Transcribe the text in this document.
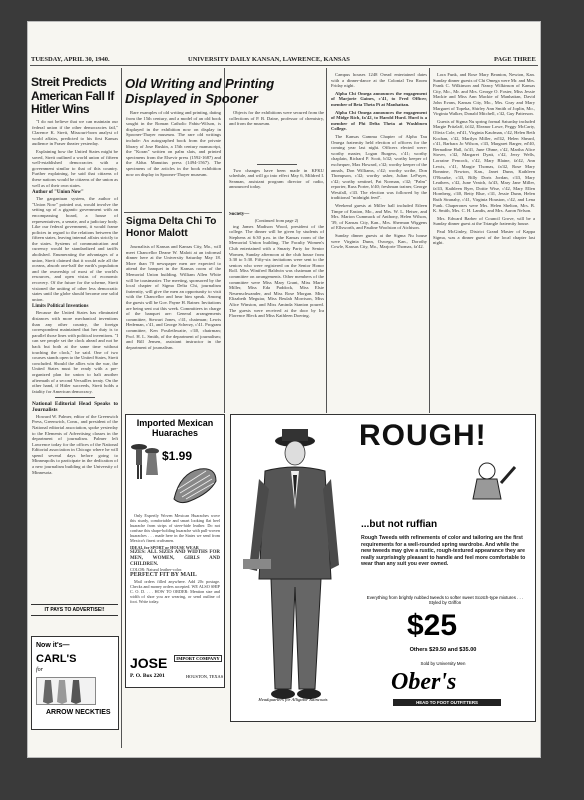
TUESDAY, APRIL 30, 1940.	UNIVERSITY DAILY KANSAN, LAWRENCE, KANSAS	PAGE THREE
Streit Predicts American Fall If Hitler Wins

"I do not believe that we can maintain our federal union if the other democracies fail," Clarence K. Streit, Missouri-born analyst of world affairs, predicted to his first Kansas audience in Fraser theater yesterday.

Explaining how the United States might be saved, Streit outlined a world union of fifteen well-established democracies with a government similar to that of this country. Further explaining, he said that citizens of these nations would be citizens of the union as well as of their own states.

Author of "Union Now"

The gargantuan system, the author of "Union Now" pointed out, would involve the setting up of a gigantic government with an encompassing board, a house of representatives, a senate, and a judiciary body. Like our federal government, it would frame policies in regard to the relations between the fifteen states, leaving internal affairs strictly to the states. Systems of communication and currency would be standardized and tariffs abolished. Enumerating the advantages of a union, Streit claimed that it would rule all the oceans, absorb one-half the earth's population and the ownership of most of the world's resources, and open vistas of economic recovery. Of the future for the scheme, Streit visioned the uniting of other less democratic states until the globe should become one solid union.

Limits Political Inventions

Because the United States has eliminated distances with more mechanical inventions than any other country, the foreign correspondent maintained that her duty is to parallel those lines with political inventions. "I can see people set the clock ahead and not be back but both at the same time without touching the clock," he said. One of two courses stands open to the United States, Streit concluded. Should the allies win the war, the United States must be ready with a pre-organized plan for union to halt another aftermath of a second Versailles treaty. On the other hand, if Hitler succeeds, Streit holds a fatality for American democracy.

National Editorial Head Speaks to Journalists

Howard W. Palmer, editor of the Greenwich Press, Greenwich, Conn., and president of the National editorial association, spoke yesterday to the Elements of Advertising classes in the department of journalism. Palmer left Lawrence today for the offices of the National Editorial association in Chicago where he will spend several days before going to Minneapolis to participate in the dedication of a new journalism building at the University of Minnesota.

IT PAYS TO ADVERTISE!!
Now it's—
CARL'S
for
ARROW NECKTIES
Old Writing and Printing Displayed in Spooner

Rare examples of old writing and printing, dating from the 15th century, and a model of an old book sought in the Roman Catholic Fabiu-Wilson, is displayed in the exhibition now on display in Spooner-Thayer museum. The rare old writings include: An autographed book from the private library of Jose Ruskin, a 15th century manuscript, the "Koran" written on palm slats, and printed specimens from the Elsevir press (1592-1687) and the Aldus Manutius press (1494-1567). The specimens of the articles in the book exhibition now on display in Spooner-Thayer museum.

Objects for the exhibitions were secured from the collections of P. B. Daine, professor of chemistry, and from the museum.

Two changes have been made in KFKU schedule, and will go into effect May 6, Mildred I. Seaman, assistant program director of radio, announced today.

Sigma Delta Chi To Honor Malott

Journalists of Kansas and Kansas City, Mo., will meet Chancellor Deane W. Malott at an informal dinner here at the University Saturday May 18. More than 70 newspaper men are expected to attend the banquet in the Kansas room of the Memorial Union building. William Allen White will be toastmaster. The meeting, sponsored by the local chapter of Sigma Delta Chi, journalism fraternity, will give the men an opportunity to visit with the Chancellor and hear him speak. Among the guests will be Gov. Payne H. Ratner. Invitations are being sent out this week. Committees in charge of the banquet are: General arrangements committee, Stewart Jones, c'41, chairman; Lewis Hedeman, c'41, and George Scherzy, c'41. Program committee, Ken Postlethwaite, c'40, chairman; Prof. H. L. Smith, of the department of journalism; and Bill Jensen, assistant instructor in the department of journalism.

Society—
(Continued from page 2)

ing James Madison Wood, president of the college. The dinner will be given by students of Stephens at 6:30 p.m. in the Kansas room of the Memorial Union building. The Faculty Women's Club entertained with a Smarty Party for Senior Women, Sunday afternoon at the club house from 3:30 to 5:30. Fifty-six invitations were sent to the seniors who were registered on the Senior Honor Roll. Miss Winifred Baldwin was chairman of the committee on arrangements. Other members of the committee were Miss Mary Grant, Miss Marie Miller, Miss Eda Paddock, Miss Elsie Neuenschwander, and Miss Rose Morgan. Miss Elizabeth Meguiar, Miss Beulah Morrison, Miss Alice Winston, and Miss Aminda Stanton poured. The guests were received at the door by Ira Florence Bleck and Miss Kathleen Doering.

Campus houses 1248 Oread entertained dates with a dinner-dance at the Colonial Tea Room Friday night.

Alpha Chi Omega announces the engagement of Marjorie Gaines, c'41, to Fred Officer, member of Beta Theta Pi at Manhattan.

Alpha Chi Omega announces the engagement of Midge Rich, fa'42, to Harold Hurd. Hurd is a member of Phi Delta Theta at Washburn College.

The Kansas Gamma Chapter of Alpha Tau Omega fraternity held election of officers for the coming year last night. Officers elected were: worthy master, Logan Burgess, c'41; worthy chaplain, Richard P. Scott, b'42; worthy keeper of exchequer, Max Howard, c'42; worthy keeper of the annals, Don Williams, c'42; worthy scribe, Don Thompson, c'42; worthy usher, Julian LeFuyer, c'42; worthy sentinel, Pat Norman, c'42; "Palm" reporter, Russ Porter, b'40; freshman trainer, George Westfall, c'43. The election was followed by the traditional "midnight feed".

Weekend guests at Miller hall included Eileen Timpe of Easton, Mo., and Mrs. W. L. Heiser, and Mrs. Marion Cummack of Anthony, Helen Wilson, '39, of Kansas City, Kan., Mrs. Sherman Wiggens of Ellsworth, and Pauline Woolston of Atchison.

Sunday dinner guests at the Sigma Nu house were Virginia Dunn, Oswego, Kan., Dorothy Cowle, Kansas City, Mo., Marjorie Thomas, fa'42.

Lora Funk, and Rose Mary Beanion, Newton, Kan. Sunday dinner guests of Chi Omega were Mr. and Mrs. Frank C. Wilkinson and Nancy Wilkinson of Kansas City, Mo., Mr. and Mrs. George O. Foster, Miss Jessie Mackie and Miss Ann Mackie of Manhattan, David John Evans, Kansas City, Mo., Mrs. Gray and Mary Margaret of Topeka, Shirley Ann Smith of Joplin, Mo., Virginia Walker, Donald Mitchell, c'42, Guy Patterson.

Guests of Sigma Nu spring formal Saturday included Margie Pritzlaff, fa'42, Eleanor Lowe, Peggy McCarty, Olivia Cole, ed'41, Virginia Kaufman, c'42, Helen Beth Kochan, c'42, Marilyn Miller, ed'42, Helen Sheard, c'41, Barbara Jo Wilson, c'43, Margaret Barger, ed'40, Bernadine Hall, fa'41, June Ohme, c'42, Martha Alice Stover, c'42, Margaret Dyatt, c'42, Jerry Wells, Lorraine Fencock, c'42, Mary Blaine, fa'42, Ann Lewis, c'41, Margie Thomas, fa'42, Rose Mary Bonnine, Newton, Kan., Janet Dunn, Kathleen O'Rourke, c'43, Billy Doris Jordan, c'43, Mary Leathers, c'42, June Veatch, fa'43, Mary Jane Miller, fa'43, Kathleen Byer, Dottie Wise, c'42, Mary Ellen Hornberg, c'40, Betty Blue, c'41, Jessie Dunn, Helen Ruth Stranahy, c'41, Virginia Houston, c'42, and Lena Funk. Chaperones were Mrs. Helen Shelton, Mrs. B. K. Smith, Mrs. C. H. Landis, and Mrs. Aaron Nelson.

Mrs. Edward Barber of Council Grove, will be a Sunday dinner guest at the Triangle fraternity house.

Paul McGinley, District Grand Master of Kappa Sigma, was a dinner guest of the local chapter last night.

Imported Mexican Huaraches
$1.99

Only Expertly Woven Mexican Huaraches wove this sturdy, comfortable and smart looking flat heel huarache from strips of steer-hide leather. Do not confuse this shape-holding huarache with pull-woven huaraches . . . made here in the States we send from Mexico's finest craftsmen.

IDEAL for SPORT or HOUSE WEAR
SIZES: ALL SIZES AND WIDTHS FOR MEN, WOMEN, GIRLS AND CHILDREN.
COLOR: Natural leather-color.
PERFECT FIT BY MAIL

Mail orders filled anywhere. Add 20c postage. Checks and money orders accepted. WE ALSO SHIP C. O. D. . . . HOW TO ORDER: Mention size and width of shoe you are wearing, or send outline of foot. Write today.

JOSE	IMPORT COMPANY
P. O. Box 2201	HOUSTON, TEXAS
Headquarters for Alligator Raincoats
ROUGH!
...but not ruffian
Rough Tweeds with refinements of color and tailoring are the first requirements for a well-rounded spring wardrobe. And while the new tweeds may give a rustic, rough-textured appearance they are really surprisingly pleasant to handle and feel more comfortable to wear than any suit you ever owned.
Everything from brightly nubbed tweeds to softer sweet Scotch-type mixtures . . . Styled by Griffon
$25
Others $29.50 and $35.00
Sold by University Men
Ober's
HEAD TO FOOT OUTFITTERS
